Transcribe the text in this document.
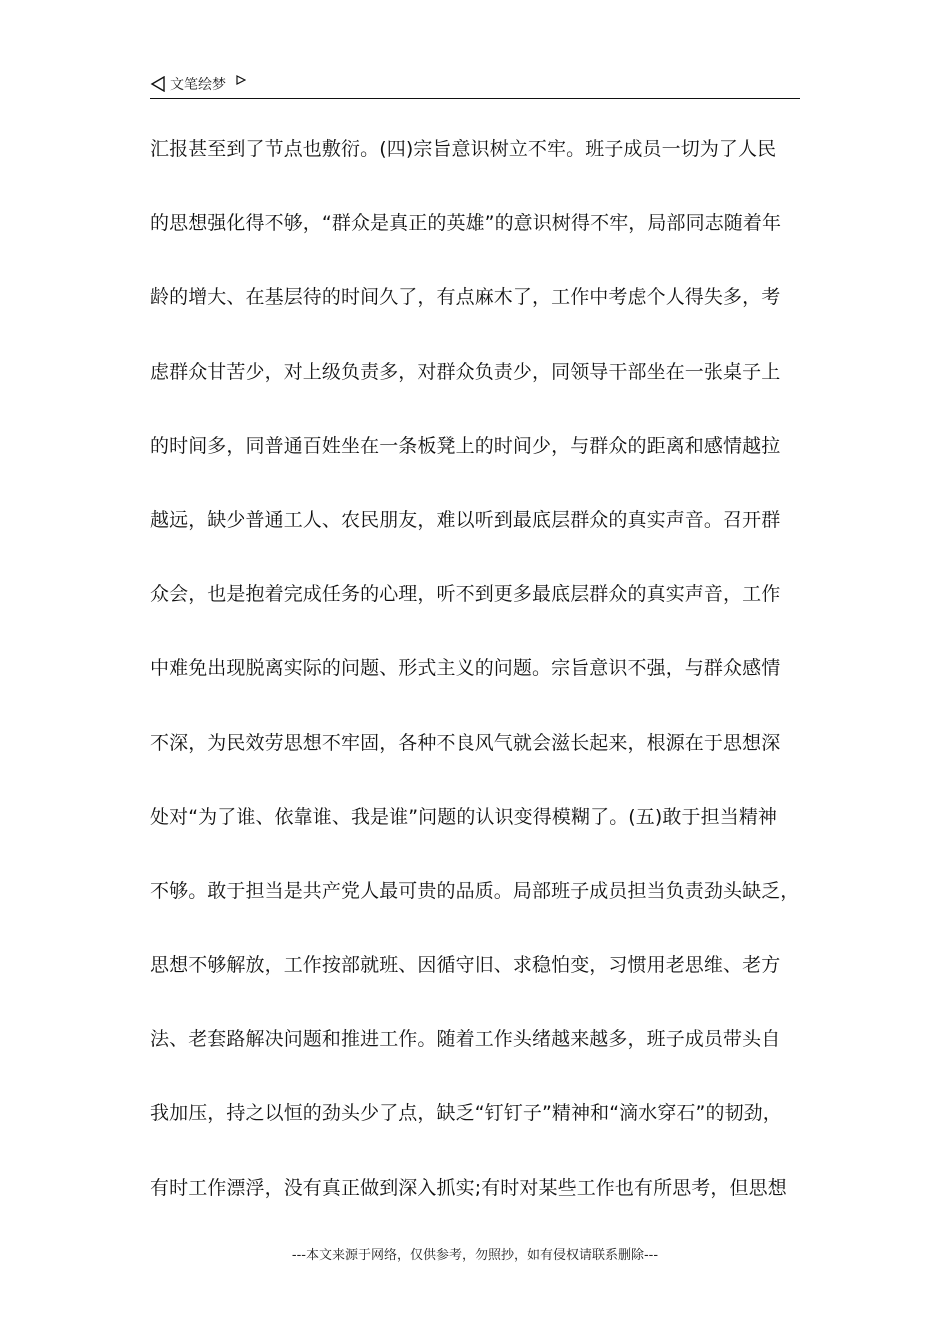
文笔绘梦
汇报甚至到了节点也敷衍。(四)宗旨意识树立不牢。班子成员一切为了人民
的思想强化得不够，“群众是真正的英雄”的意识树得不牢，局部同志随着年
龄的增大、在基层待的时间久了，有点麻木了，工作中考虑个人得失多，考
虑群众甘苦少，对上级负责多，对群众负责少，同领导干部坐在一张桌子上
的时间多，同普通百姓坐在一条板凳上的时间少，与群众的距离和感情越拉
越远，缺少普通工人、农民朋友，难以听到最底层群众的真实声音。召开群
众会，也是抱着完成任务的心理，听不到更多最底层群众的真实声音，工作
中难免出现脱离实际的问题、形式主义的问题。宗旨意识不强，与群众感情
不深，为民效劳思想不牢固，各种不良风气就会滋长起来，根源在于思想深
处对“为了谁、依靠谁、我是谁”问题的认识变得模糊了。(五)敢于担当精神
不够。敢于担当是共产党人最可贵的品质。局部班子成员担当负责劲头缺乏，
思想不够解放，工作按部就班、因循守旧、求稳怕变，习惯用老思维、老方
法、老套路解决问题和推进工作。随着工作头绪越来越多，班子成员带头自
我加压，持之以恒的劲头少了点，缺乏“钉钉子”精神和“滴水穿石”的韧劲，
有时工作漂浮，没有真正做到深入抓实;有时对某些工作也有所思考，但思想
---本文来源于网络，仅供参考，勿照抄，如有侵权请联系删除---
